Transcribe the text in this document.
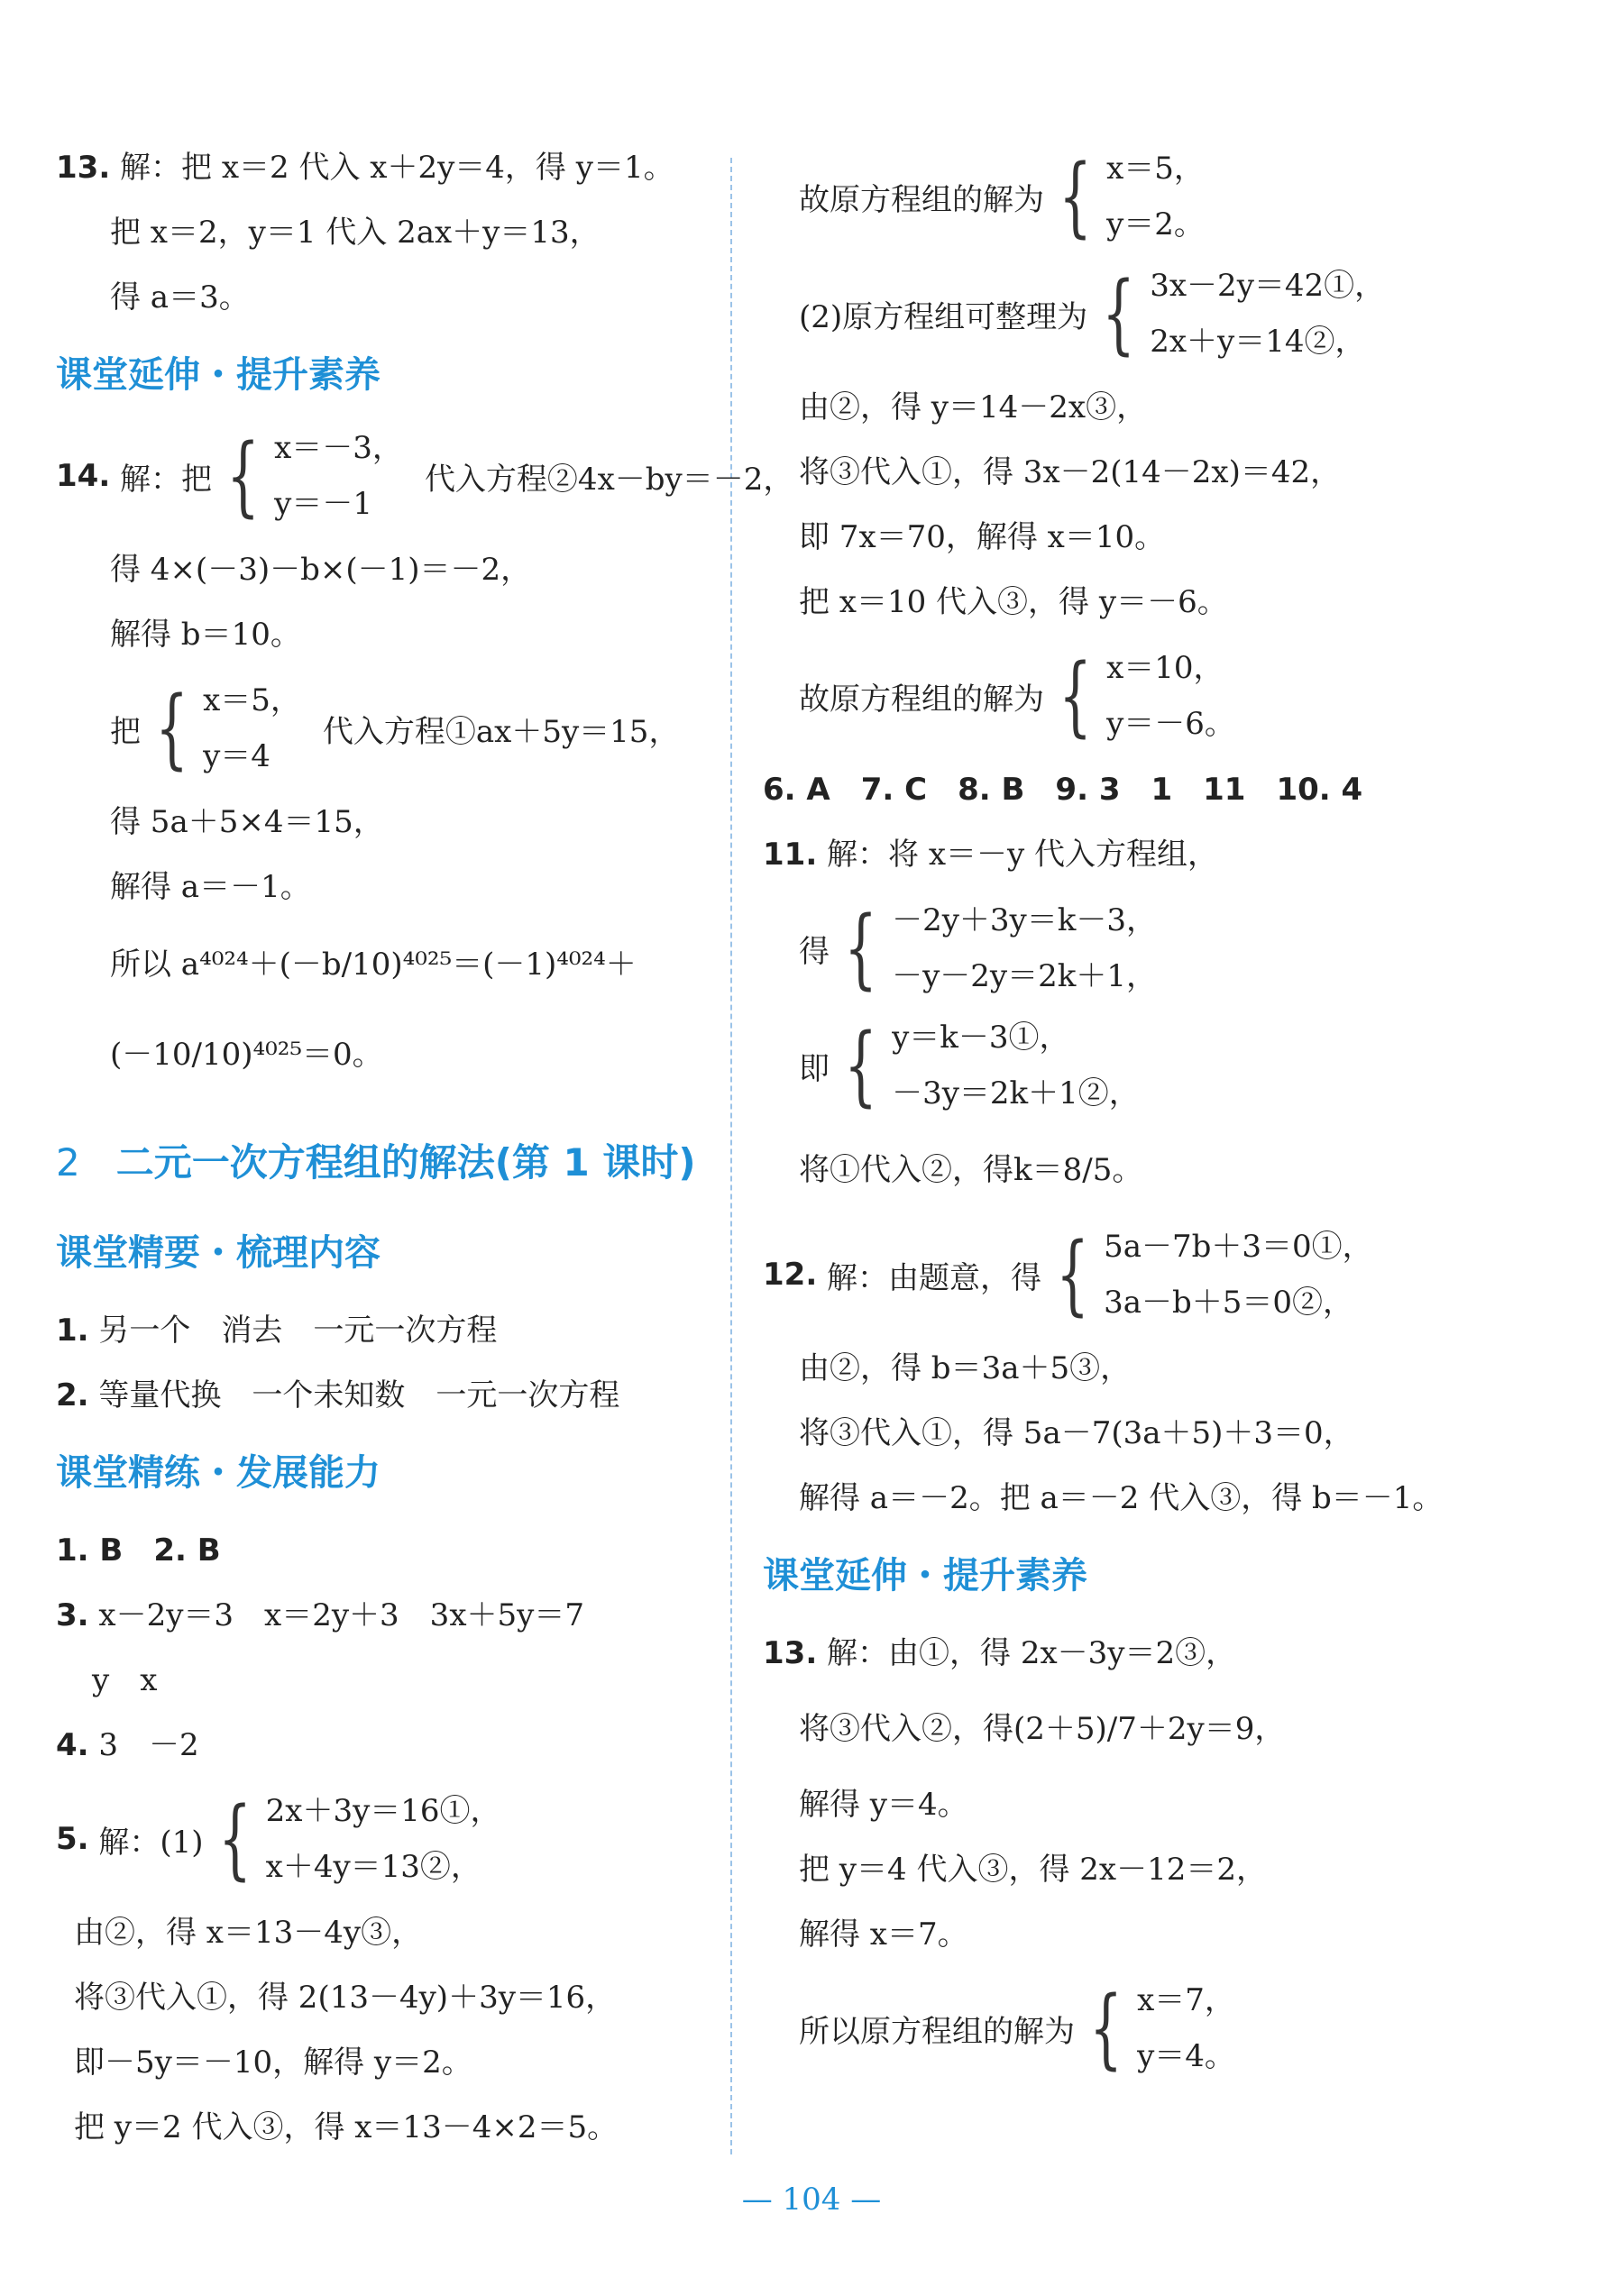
13. 解：把 x＝2 代入 x＋2y＝4，得 y＝1。
把 x＝2，y＝1 代入 2ax＋y＝13，
得 a＝3。
课堂延伸・提升素养
14.
解：把 { x＝－3，
y＝－1
代入方程②4x－by＝－2，
得 4×(－3)－b×(－1)＝－2，
解得 b＝10。
把 { x＝5，
y＝4
代入方程①ax＋5y＝15，
得 5a＋5×4＝15，
解得 a＝－1。
所以 a⁴⁰²⁴＋(－b/10)⁴⁰²⁵＝(－1)⁴⁰²⁴＋
(－10/10)⁴⁰²⁵＝0。
2 二元一次方程组的解法(第 1 课时)
课堂精要・梳理内容
1. 另一个　消去　一元一次方程
2. 等量代换　一个未知数　一元一次方程
课堂精练・发展能力
1. B　2. B
3. x－2y＝3　x＝2y＋3　3x＋5y＝7
y　x
4. 3　－2
5.
解：(1) { 2x＋3y＝16①，
x＋4y＝13②，
由②，得 x＝13－4y③，
将③代入①，得 2(13－4y)＋3y＝16，
即－5y＝－10，解得 y＝2。
把 y＝2 代入③，得 x＝13－4×2＝5。
故原方程组的解为 { x＝5，
y＝2。
(2)原方程组可整理为 { 3x－2y＝42①，
2x＋y＝14②，
由②，得 y＝14－2x③，
将③代入①，得 3x－2(14－2x)＝42，
即 7x＝70，解得 x＝10。
把 x＝10 代入③，得 y＝－6。
故原方程组的解为 { x＝10，
y＝－6。
6. A　7. C　8. B　9. 3　1　11　10. 4
11. 解：将 x＝－y 代入方程组，
得 { －2y＋3y＝k－3，
－y－2y＝2k＋1，
即 { y＝k－3①，
－3y＝2k＋1②，
将①代入②，得k＝8/5。
12.
解：由题意，得 { 5a－7b＋3＝0①，
3a－b＋5＝0②，
由②，得 b＝3a＋5③，
将③代入①，得 5a－7(3a＋5)＋3＝0，
解得 a＝－2。把 a＝－2 代入③，得 b＝－1。
课堂延伸・提升素养
13. 解：由①，得 2x－3y＝2③，
将③代入②，得(2＋5)/7＋2y＝9，
解得 y＝4。
把 y＝4 代入③，得 2x－12＝2，
解得 x＝7。
所以原方程组的解为 { x＝7，
y＝4。
— 104 —
